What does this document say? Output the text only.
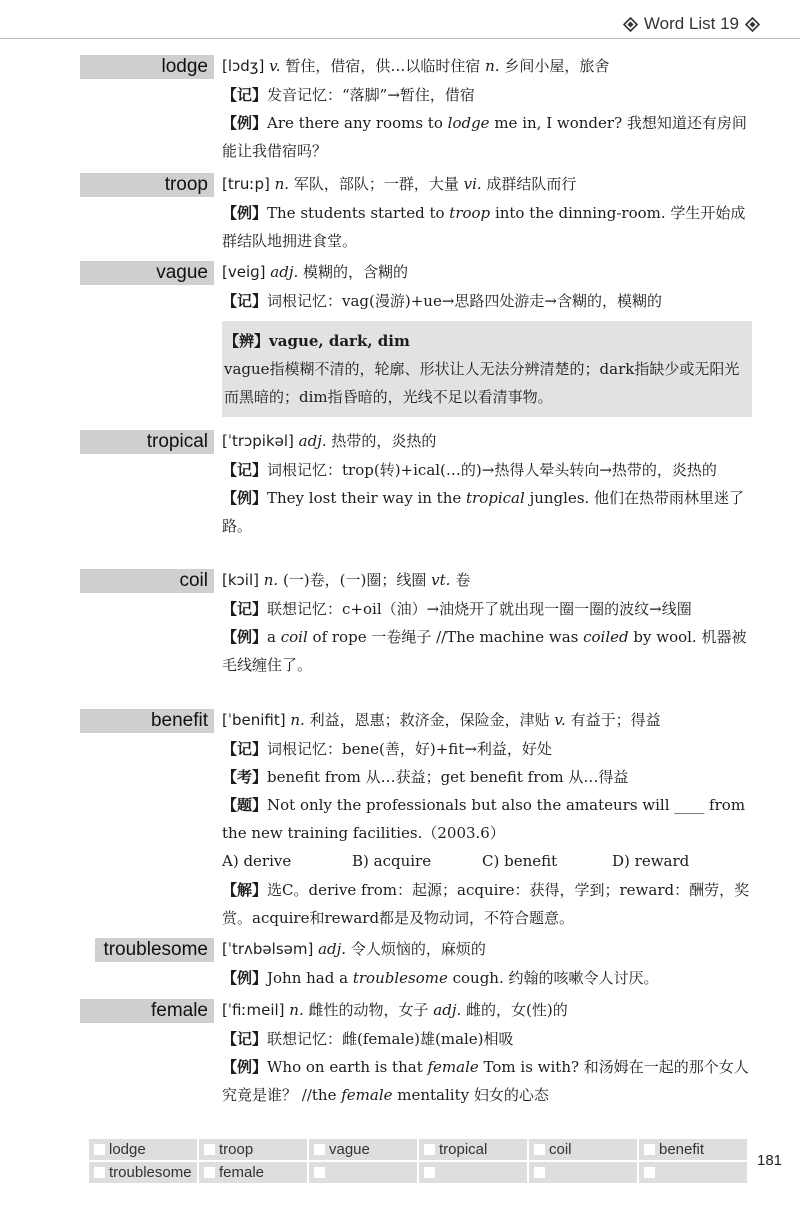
Word List 19
lodge [lɔdʒ] v. 暂住，借宿，供…以临时住宿 n. 乡间小屋，旅舍
【记】发音记忆：“落脚”→暂住，借宿
【例】Are there any rooms to lodge me in, I wonder? 我想知道还有房间能让我借宿吗？
troop [truːp] n. 军队，部队；一群，大量 vi. 成群结队而行
【例】The students started to troop into the dinning-room. 学生开始成群结队地拥进食堂。
vague [veiɡ] adj. 模糊的，含糊的
【记】词根记忆：vag(漫游)+ue→思路四处游走→含糊的，模糊的
【辨】vague, dark, dim
vague指模糊不清的，轮廓、形状让人无法分辨清楚的；dark指缺少或无阳光而黑暗的；dim指昏暗的，光线不足以看清事物。
tropical [ˈtrɔpikəl] adj. 热带的，炎热的
【记】词根记忆：trop(转)+ical(…的)→热得人晕头转向→热带的，炎热的
【例】They lost their way in the tropical jungles. 他们在热带雨林里迷了路。
coil [kɔil] n. (一)卷，(一)圈；线圈 vt. 卷
【记】联想记忆：c+oil（油）→油烧开了就出现一圈一圈的波纹→线圈
【例】a coil of rope 一卷绳子 //The machine was coiled by wool. 机器被毛线缠住了。
benefit [ˈbenifit] n. 利益，恩惠；救济金，保险金，津贴 v. 有益于；得益
【记】词根记忆：bene(善，好)+fit→利益，好处
【考】benefit from 从…获益；get benefit from 从…得益
【题】Not only the professionals but also the amateurs will ____ from the new training facilities.（2003.6）
A) derive	B) acquire	C) benefit	D) reward
【解】选C。derive from：起源；acquire：获得，学到；reward：酬劳，奖赏。acquire和reward都是及物动词，不符合题意。
troublesome [ˈtrʌbəlsəm] adj. 令人烦恼的，麻烦的
【例】John had a troublesome cough. 约翰的咳嗽令人讨厌。
female [ˈfiːmeil] n. 雌性的动物，女子 adj. 雌的，女(性)的
【记】联想记忆：雌(female)雄(male)相吸
【例】Who on earth is that female Tom is with? 和汤姆在一起的那个女人究竟是谁？ //the female mentality 妇女的心态
lodge	troop	vague	tropical	coil	benefit
troublesome	female
181
